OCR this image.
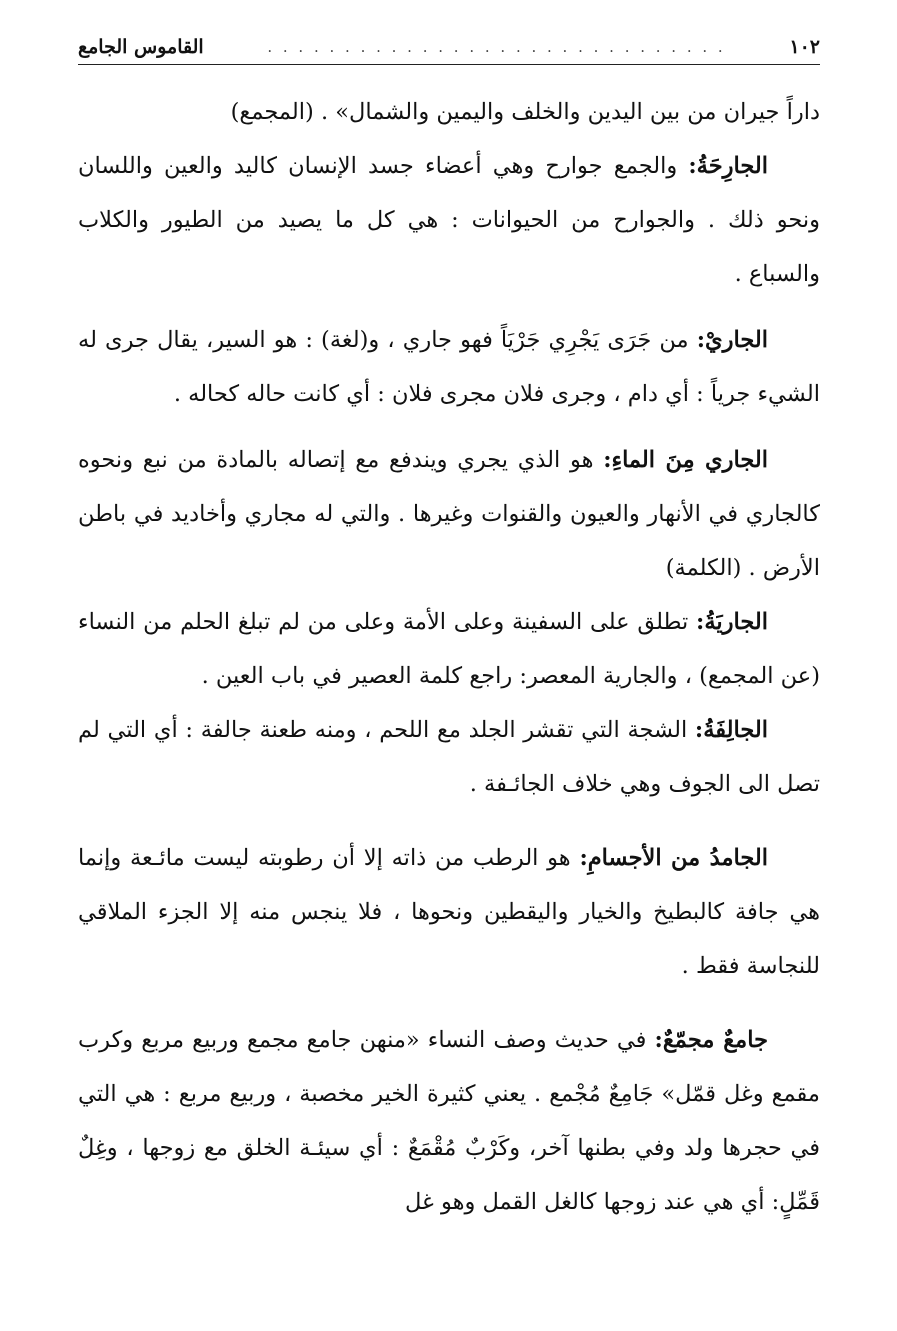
١٠٢
. . . . . . . . . . . . . . . . . . . . . . . . . . . . . .
القاموس الجامع

داراً جيران من بين اليدين والخلف واليمين والشمال» . (المجمع)

الجارِحَةُ: والجمع جوارح وهي أعضاء جسد الإنسان كاليد والعين واللسان ونحو ذلك . والجوارح من الحيوانات : هي كل ما يصيد من الطيور والكلاب والسباع .

الجاريْ: من جَرَى يَجْرِي جَرْيَاً فهو جاري ، و(لغة) : هو السير، يقال جرى له الشيء جرياً : أي دام ، وجرى فلان مجرى فلان : أي كانت حاله كحاله .

الجاري مِنَ الماءِ: هو الذي يجري ويندفع مع إتصاله بالمادة من نبع ونحوه كالجاري في الأنهار والعيون والقنوات وغيرها . والتي له مجاري وأخاديد في باطن الأرض . (الكلمة)

الجاريَةُ: تطلق على السفينة وعلى الأمة وعلى من لم تبلغ الحلم من النساء (عن المجمع) ، والجارية المعصر: راجع كلمة العصير في باب العين .

الجالِفَةُ: الشجة التي تقشر الجلد مع اللحم ، ومنه طعنة جالفة : أي التي لم تصل الى الجوف وهي خلاف الجائـفة .

الجامدُ من الأجسامِ: هو الرطب من ذاته إلا أن رطوبته ليست مائـعة وإنما هي جافة كالبطيخ والخيار واليقطين ونحوها ، فلا ينجس منه إلا الجزء الملاقي للنجاسة فقط .

جامعٌ مجمّعٌ: في حديث وصف النساء «منهن جامع مجمع وربيع مربع وكرب مقمع وغل قمّل» جَامِعٌ مُجْمع . يعني كثيرة الخير مخصبة ، وربيع مربع : هي التي في حجرها ولد وفي بطنها آخر، وكَرْبٌ مُقْمَعٌ : أي سيئـة الخلق مع زوجها ، وغِلٌ قَمِّلٍ: أي هي عند زوجها كالغل القمل وهو غل
